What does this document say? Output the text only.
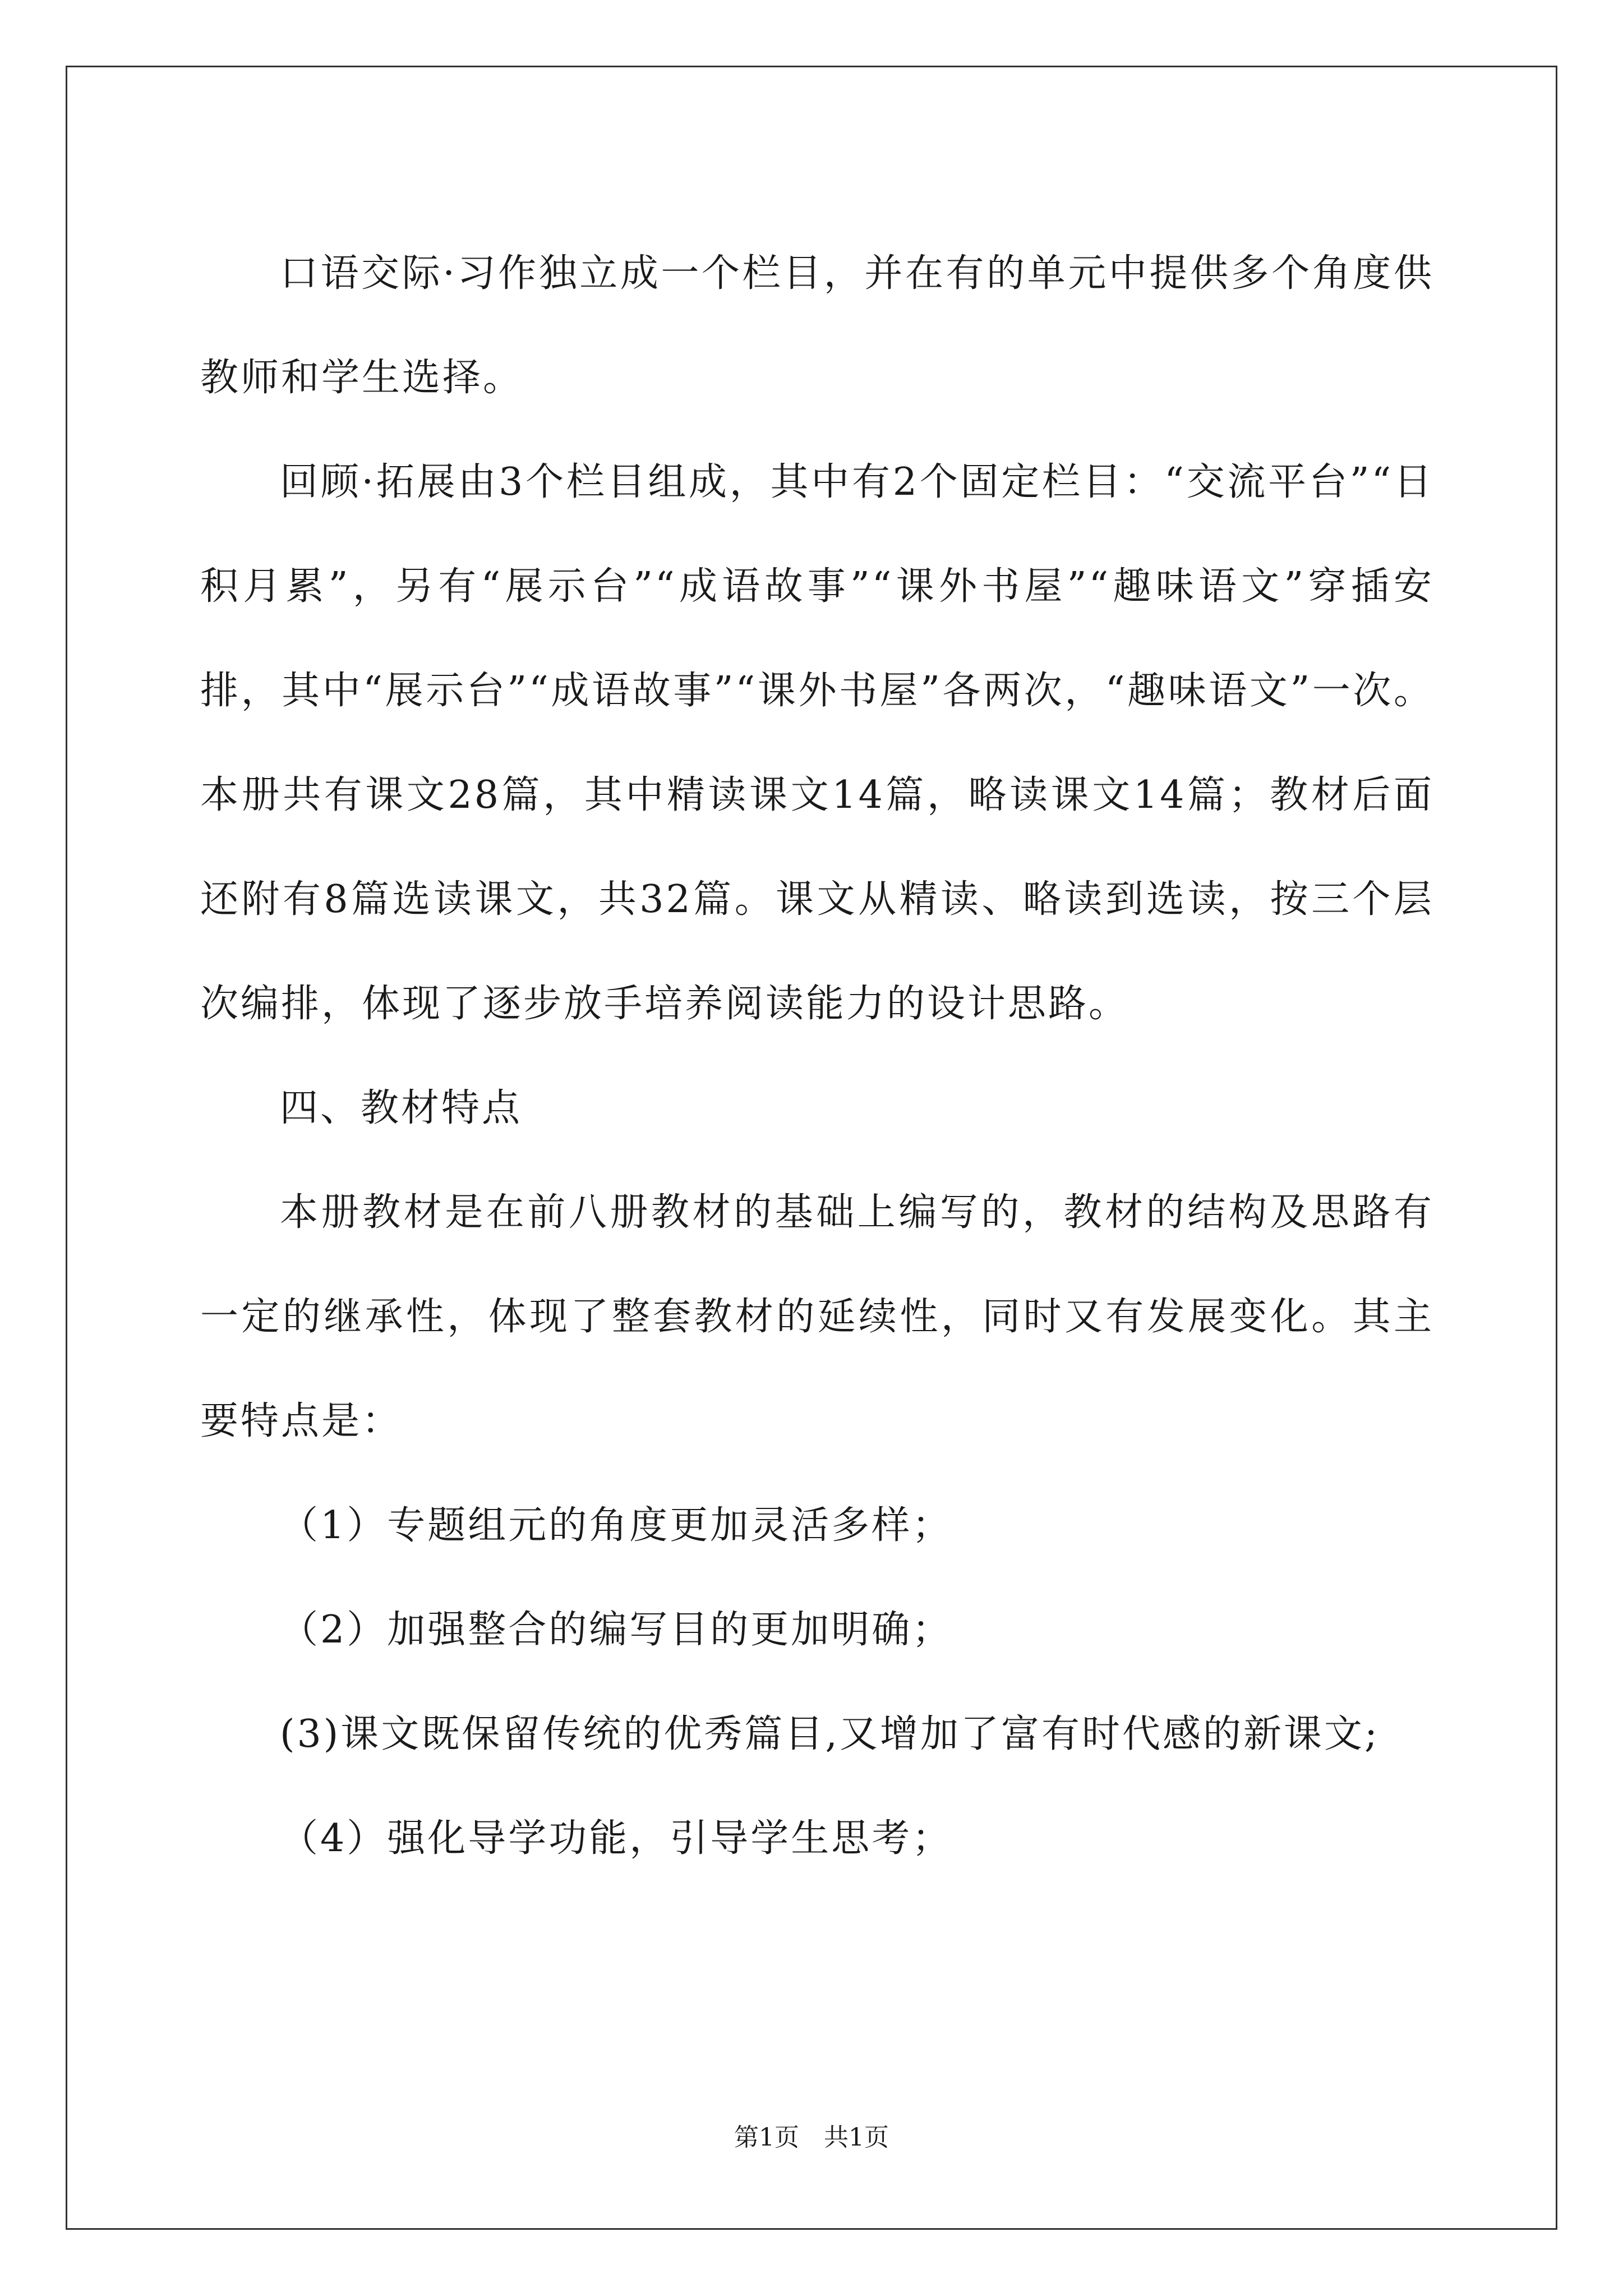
口语交际·习作独立成一个栏目，并在有的单元中提供多个角度供教师和学生选择。

回顾·拓展由3个栏目组成，其中有2个固定栏目：“交流平台”“日积月累”，另有“展示台”“成语故事”“课外书屋”“趣味语文”穿插安排，其中“展示台”“成语故事”“课外书屋”各两次，“趣味语文”一次。本册共有课文28篇，其中精读课文14篇，略读课文14篇；教材后面还附有8篇选读课文，共32篇。课文从精读、略读到选读，按三个层次编排，体现了逐步放手培养阅读能力的设计思路。

四、教材特点

本册教材是在前八册教材的基础上编写的，教材的结构及思路有一定的继承性，体现了整套教材的延续性，同时又有发展变化。其主要特点是：

（1）专题组元的角度更加灵活多样；

（2）加强整合的编写目的更加明确；

(3)课文既保留传统的优秀篇目,又增加了富有时代感的新课文;

（4）强化导学功能，引导学生思考；

第1页　共1页
